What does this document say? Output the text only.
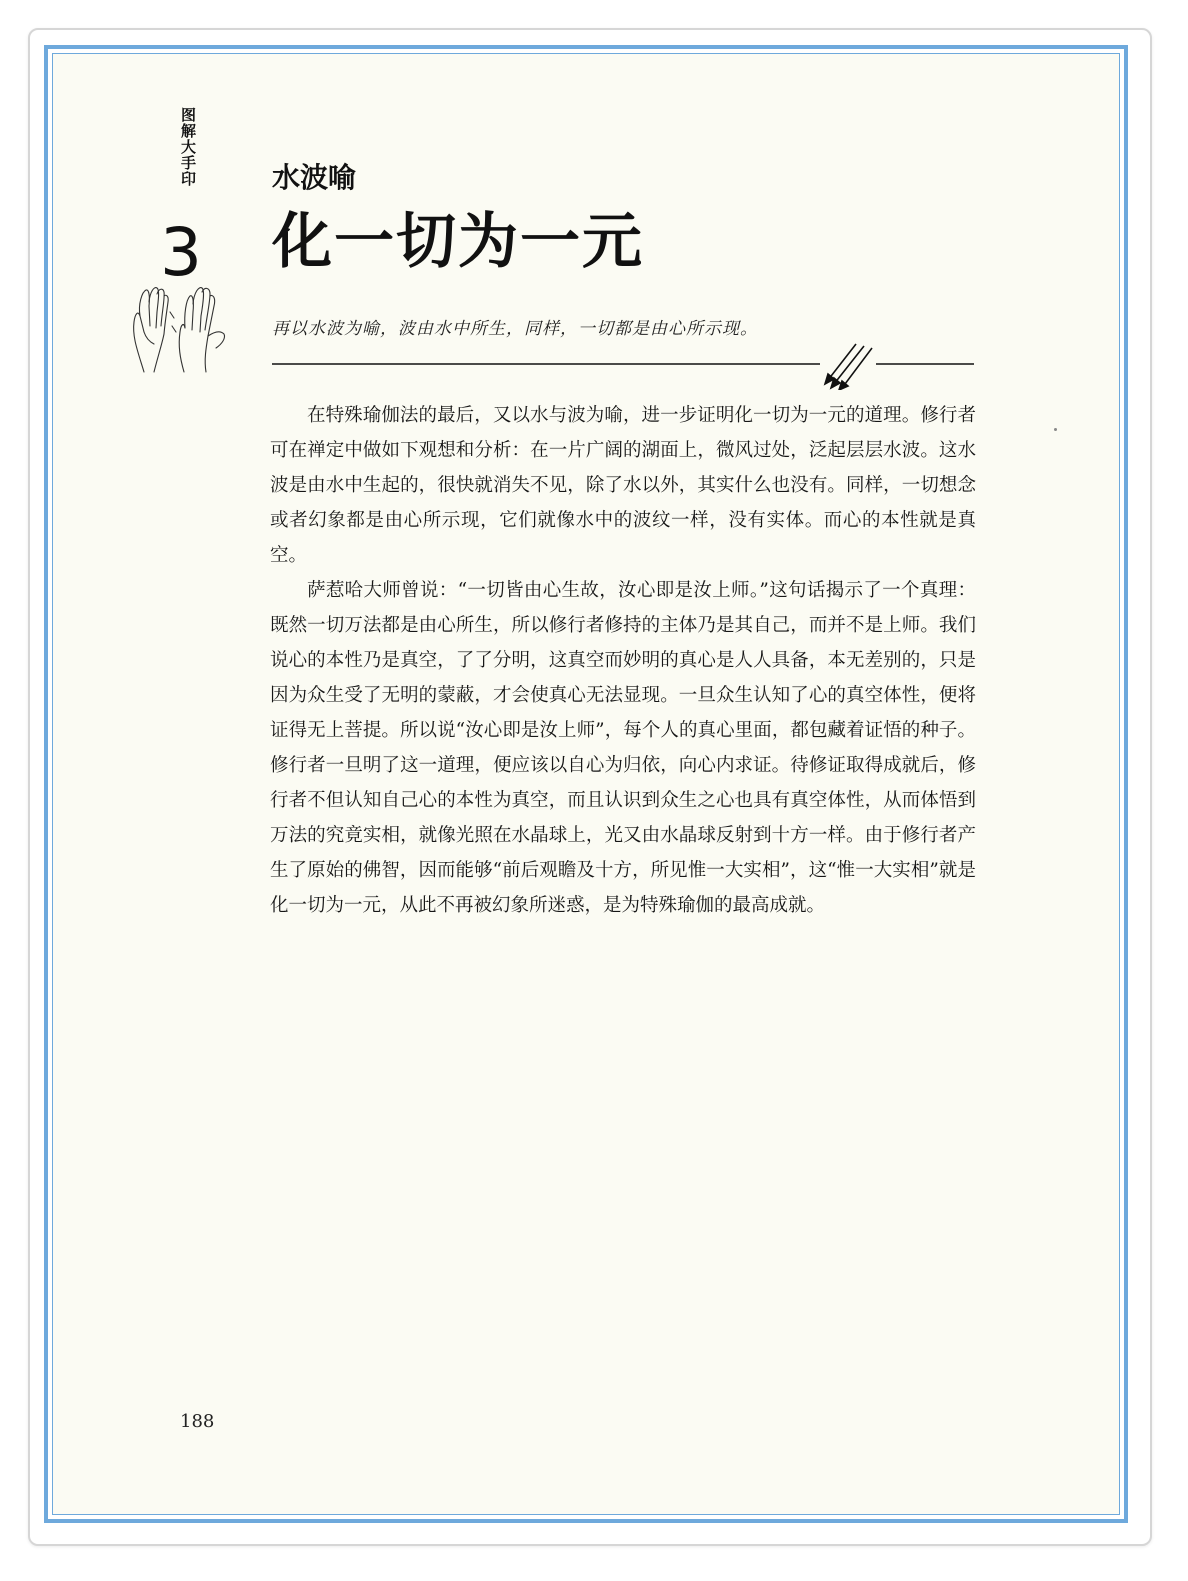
图解大手印
3
水波喻
化一切为一元
再以水波为喻，波由水中所生，同样，一切都是由心所示现。

在特殊瑜伽法的最后，又以水与波为喻，进一步证明化一切为一元的道理。修行者可在禅定中做如下观想和分析：在一片广阔的湖面上，微风过处，泛起层层水波。这水波是由水中生起的，很快就消失不见，除了水以外，其实什么也没有。同样，一切想念或者幻象都是由心所示现，它们就像水中的波纹一样，没有实体。而心的本性就是真空。

萨惹哈大师曾说：“一切皆由心生故，汝心即是汝上师。”这句话揭示了一个真理：既然一切万法都是由心所生，所以修行者修持的主体乃是其自己，而并不是上师。我们说心的本性乃是真空，了了分明，这真空而妙明的真心是人人具备，本无差别的，只是因为众生受了无明的蒙蔽，才会使真心无法显现。一旦众生认知了心的真空体性，便将证得无上菩提。所以说“汝心即是汝上师”，每个人的真心里面，都包藏着证悟的种子。修行者一旦明了这一道理，便应该以自心为归依，向心内求证。待修证取得成就后，修行者不但认知自己心的本性为真空，而且认识到众生之心也具有真空体性，从而体悟到万法的究竟实相，就像光照在水晶球上，光又由水晶球反射到十方一样。由于修行者产生了原始的佛智，因而能够“前后观瞻及十方，所见惟一大实相”，这“惟一大实相”就是化一切为一元，从此不再被幻象所迷惑，是为特殊瑜伽的最高成就。

188
